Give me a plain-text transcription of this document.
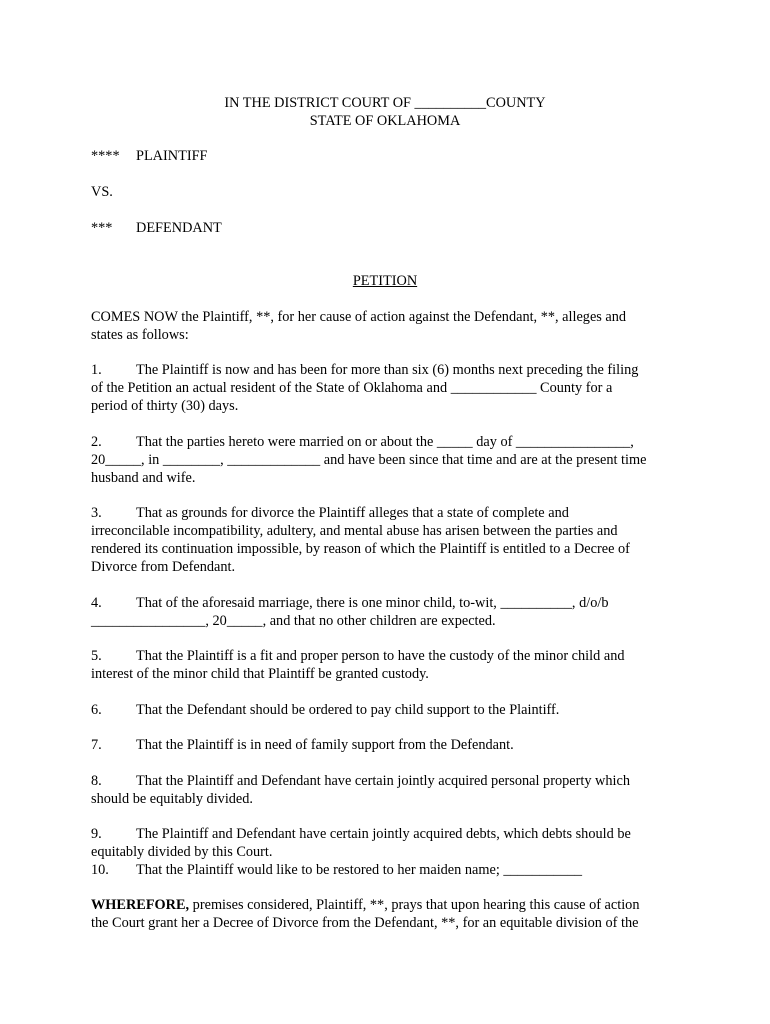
IN THE DISTRICT COURT OF __________COUNTY
STATE OF OKLAHOMA
**** PLAINTIFF
VS.
*** DEFENDANT
PETITION
COMES NOW the Plaintiff, **, for her cause of action against the Defendant, **, alleges and
states as follows:
1. The Plaintiff is now and has been for more than six (6) months next preceding the filing
of the Petition an actual resident of the State of Oklahoma and ____________ County for a
period of thirty (30) days.
2. That the parties hereto were married on or about the _____ day of ________________,
20_____, in ________, _____________ and have been since that time and are at the present time
husband and wife.
3. That as grounds for divorce the Plaintiff alleges that a state of complete and
irreconcilable incompatibility, adultery, and mental abuse has arisen between the parties and
rendered its continuation impossible, by reason of which the Plaintiff is entitled to a Decree of
Divorce from Defendant.
4. That of the aforesaid marriage, there is one minor child, to-wit, __________, d/o/b
________________, 20_____, and that no other children are expected.
5. That the Plaintiff is a fit and proper person to have the custody of the minor child and
interest of the minor child that Plaintiff be granted custody.
6. That the Defendant should be ordered to pay child support to the Plaintiff.
7. That the Plaintiff is in need of family support from the Defendant.
8. That the Plaintiff and Defendant have certain jointly acquired personal property which
should be equitably divided.
9. The Plaintiff and Defendant have certain jointly acquired debts, which debts should be
equitably divided by this Court.
10. That the Plaintiff would like to be restored to her maiden name; ___________
WHEREFORE, premises considered, Plaintiff, **, prays that upon hearing this cause of action
the Court grant her a Decree of Divorce from the Defendant, **, for an equitable division of the
